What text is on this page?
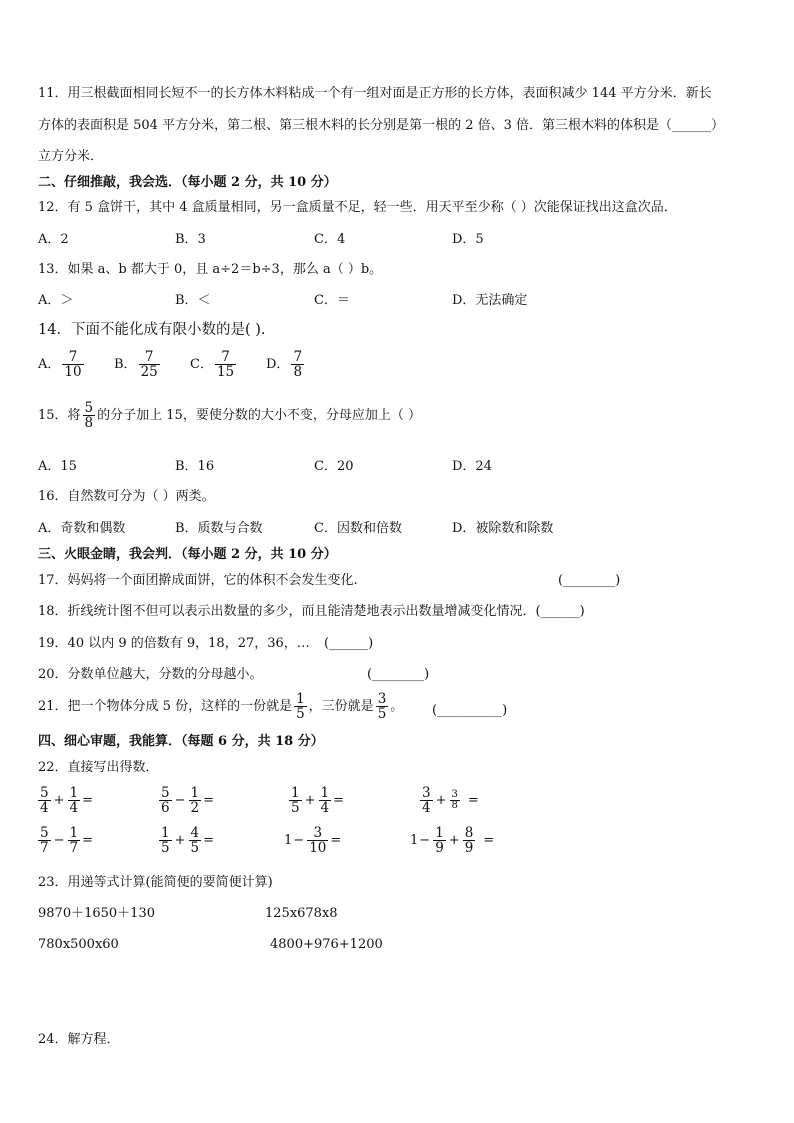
11．用三根截面相同长短不一的长方体木料粘成一个有一组对面是正方形的长方体，表面积减少 144 平方分米．新长
方体的表面积是 504 平方分米，第二根、第三根木料的长分别是第一根的 2 倍、3 倍．第三根木料的体积是（______）
立方分米．
二、仔细推敲，我会选．（每小题 2 分，共 10 分）
12．有 5 盒饼干，其中 4 盒质量相同，另一盒质量不足，轻一些．用天平至少称（ ）次能保证找出这盒次品．
A．2	B．3	C．4	D．5
13．如果 a、b 都大于 0，且 a÷2＝b÷3，那么 a（ ）b。
A．＞	B．＜	C．＝	D．无法确定
14．下面不能化成有限小数的是( ).
A． $\frac{7}{10}$ B． $\frac{7}{25}$ C． $\frac{7}{15}$ D． $\frac{7}{8}$
15．将 $\frac{5}{8}$ 的分子加上 15，要使分数的大小不变，分母应加上（ ）
A．15	B．16	C．20	D．24
16．自然数可分为（ ）两类。
A．奇数和偶数	B．质数与合数	C．因数和倍数	D．被除数和除数
三、火眼金睛，我会判．（每小题 2 分，共 10 分）
17．妈妈将一个面团擀成面饼，它的体积不会发生变化.	(________)
18．折线统计图不但可以表示出数量的多少，而且能清楚地表示出数量增减变化情况．(______)
19．40 以内 9 的倍数有 9，18，27，36，… (______)
20．分数单位越大，分数的分母越小。	(________)
21．把一个物体分成 5 份，这样的一份就是 $\frac{1}{5}$ ，三份就是 $\frac{3}{5}$ 。 (__________)
四、细心审题，我能算．（每题 6 分，共 18 分）
22．直接写出得数．
$\frac{5}{4} + \frac{1}{4}$ =	$\frac{5}{6} - \frac{1}{2}$ =	$\frac{1}{5} + \frac{1}{4}$ =	$\frac{3}{4} + \frac{3}{8}$ =
$\frac{5}{7} - \frac{1}{7}$ =	$\frac{1}{5} + \frac{4}{5}$ =	$1- \frac{3}{10}$ =	$1- \frac{1}{9} + \frac{8}{9}$ =
23．用递等式计算(能简便的要简便计算)
9870＋1650＋130	125x678x8
780x500x60	4800+976+1200
24．解方程．
